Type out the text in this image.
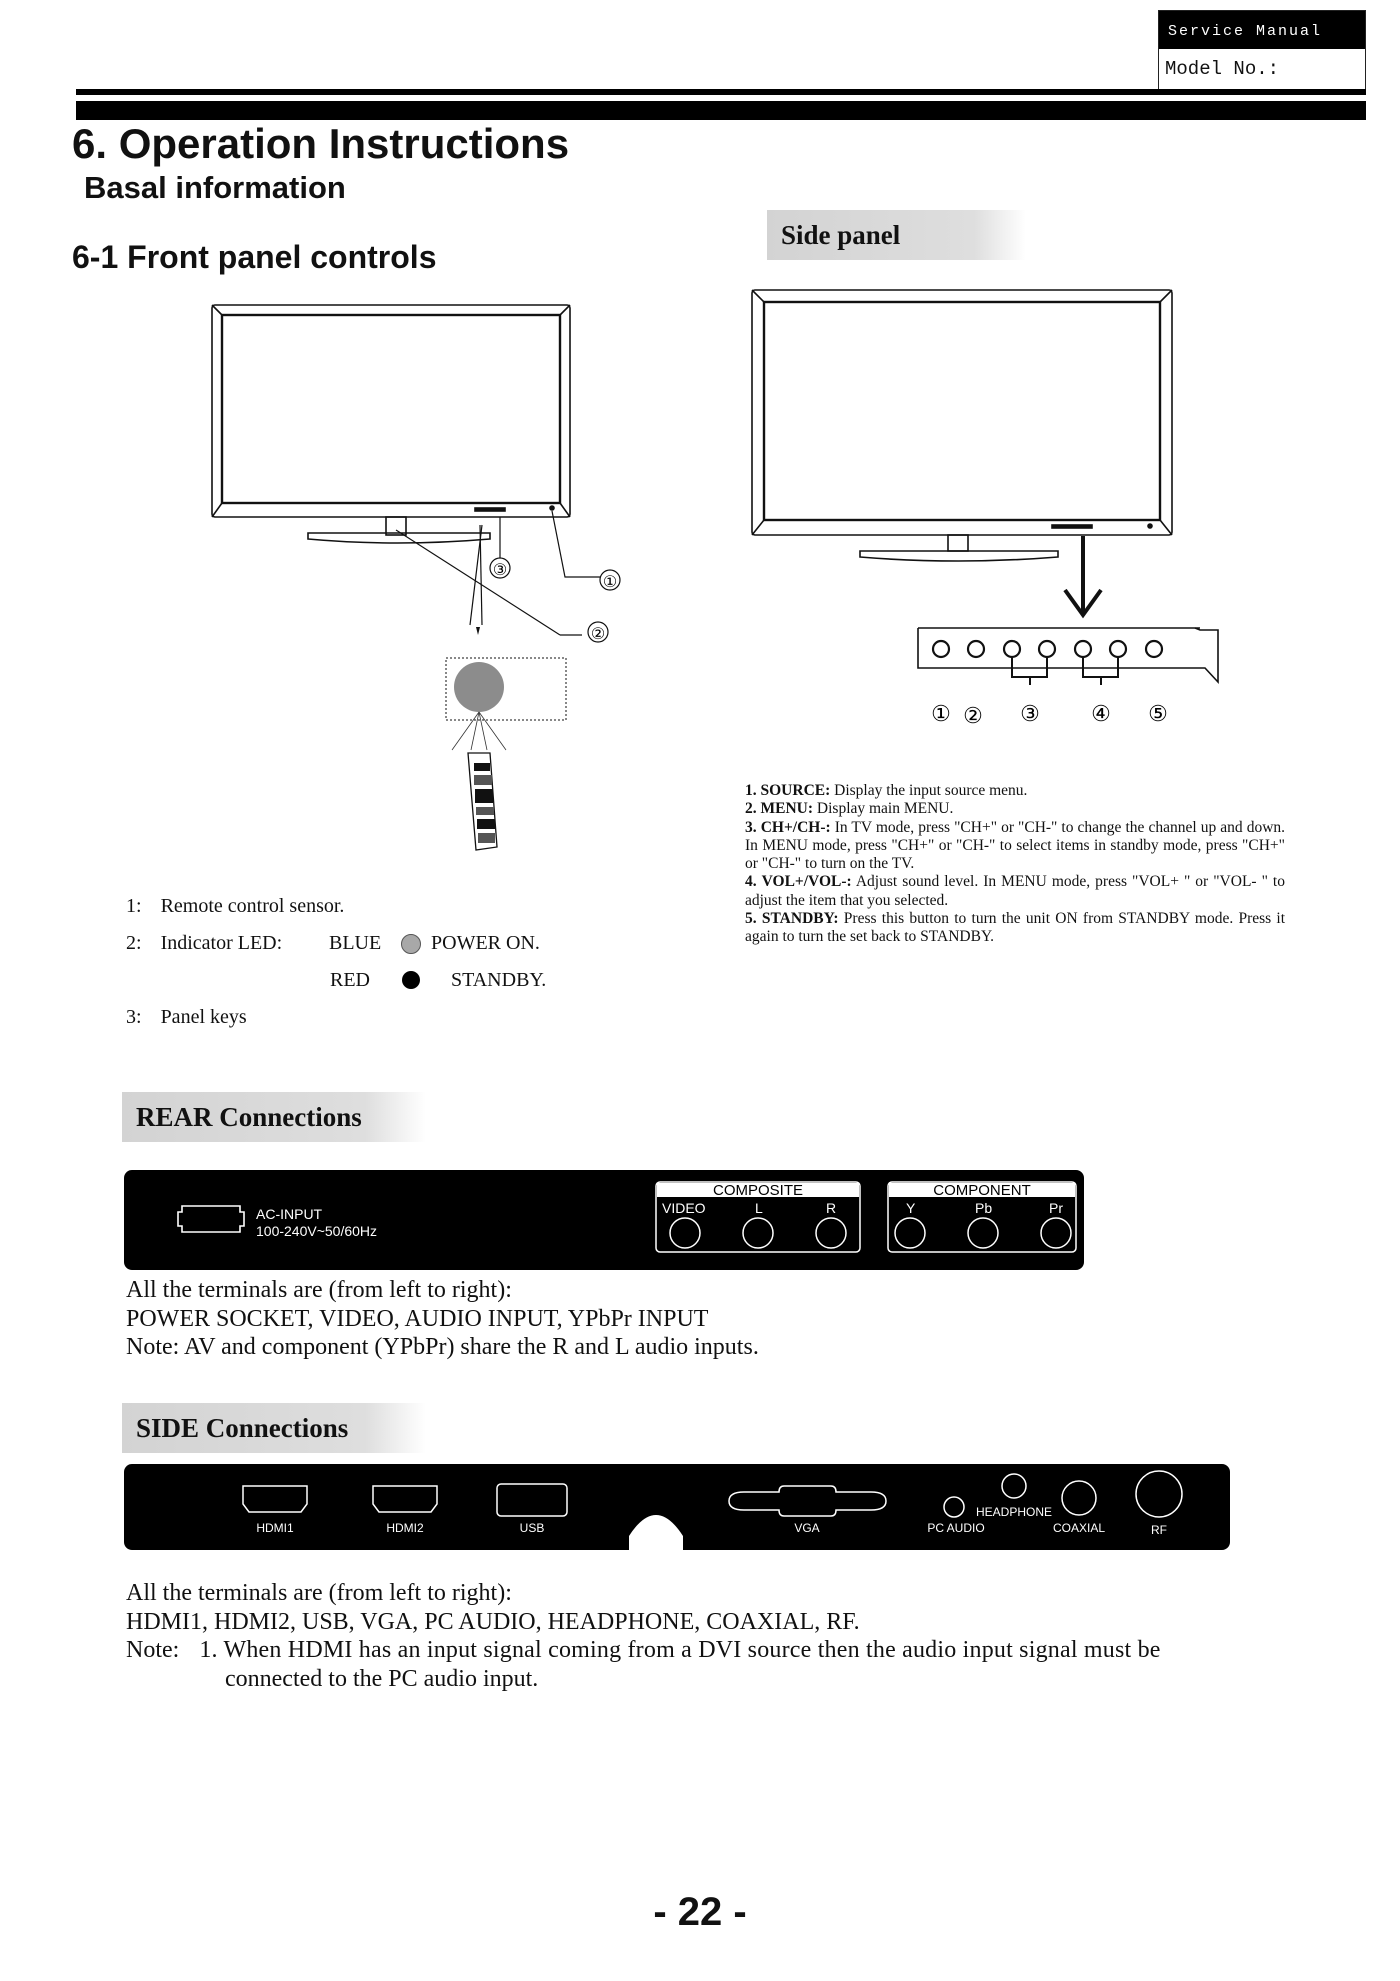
Service Manual
Model No.:
6. Operation Instructions
Basal information
6-1 Front panel controls
③
①
②
1: Remote control sensor.
2: Indicator LED: BLUE POWER ON.
RED	STANDBY.
3: Panel keys
Side panel
① ② ③ ④ ⑤
1. SOURCE: Display the input source menu.
2. MENU: Display main MENU.
3. CH+/CH-: In TV mode, press "CH+" or "CH-" to change the channel up and down. In MENU mode, press "CH+" or "CH-" to select items in standby mode, press "CH+" or "CH-" to turn on the TV.
4. VOL+/VOL-: Adjust sound level. In MENU mode, press "VOL+ " or "VOL- " to adjust the item that you selected.
5. STANDBY: Press this button to turn the unit ON from STANDBY mode. Press it again to turn the set back to STANDBY.
REAR Connections
AC-INPUT
100-240V~50/60Hz
COMPOSITE
VIDEO	L	R
COMPONENT
Y	Pb	Pr
All the terminals are (from left to right):
POWER SOCKET, VIDEO, AUDIO INPUT, YPbPr INPUT
Note: AV and component (YPbPr) share the R and L audio inputs.
SIDE Connections
HDMI1	HDMI2	USB	VGA	PC AUDIO
HEADPHONE
COAXIAL	RF
All the terminals are (from left to right):
HDMI1, HDMI2, USB, VGA, PC AUDIO, HEADPHONE, COAXIAL, RF.
Note: 1. When HDMI has an input signal coming from a DVI source then the audio input signal must be
connected to the PC audio input.
- 22 -
